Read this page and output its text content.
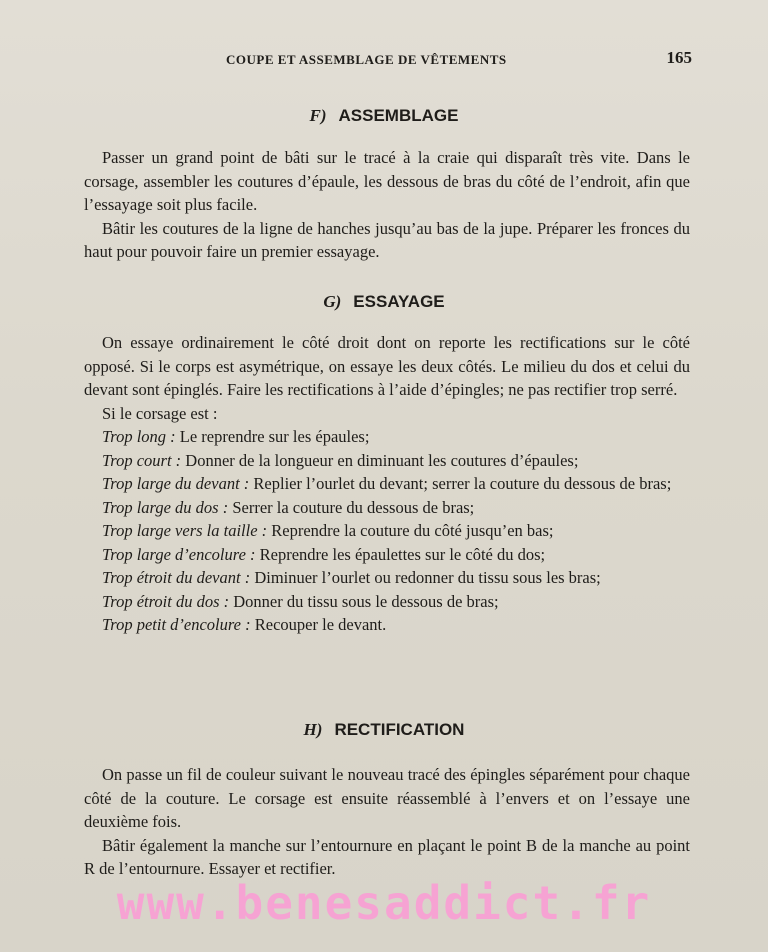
COUPE ET ASSEMBLAGE DE VÊTEMENTS	165
F) ASSEMBLAGE

Passer un grand point de bâti sur le tracé à la craie qui disparaît très vite. Dans le corsage, assembler les coutures d’épaule, les dessous de bras du côté de l’endroit, afin que l’essayage soit plus facile.

Bâtir les coutures de la ligne de hanches jusqu’au bas de la jupe. Préparer les fronces du haut pour pouvoir faire un premier essayage.

G) ESSAYAGE

On essaye ordinairement le côté droit dont on reporte les rectifications sur le côté opposé. Si le corps est asymétrique, on essaye les deux côtés. Le milieu du dos et celui du devant sont épinglés. Faire les rectifications à l’aide d’épingles; ne pas rectifier trop serré.

Si le corsage est :

Trop long : Le reprendre sur les épaules;

Trop court : Donner de la longueur en diminuant les coutures d’épaules;

Trop large du devant : Replier l’ourlet du devant; serrer la couture du dessous de bras;

Trop large du dos : Serrer la couture du dessous de bras;

Trop large vers la taille : Reprendre la couture du côté jusqu’en bas;

Trop large d’encolure : Reprendre les épaulettes sur le côté du dos;

Trop étroit du devant : Diminuer l’ourlet ou redonner du tissu sous les bras;

Trop étroit du dos : Donner du tissu sous le dessous de bras;

Trop petit d’encolure : Recouper le devant.

H) RECTIFICATION

On passe un fil de couleur suivant le nouveau tracé des épingles séparément pour chaque côté de la couture. Le corsage est ensuite réassemblé à l’envers et on l’essaye une deuxième fois.

Bâtir également la manche sur l’entournure en plaçant le point B de la manche au point R de l’entournure. Essayer et rectifier.

www.benesaddict.fr
